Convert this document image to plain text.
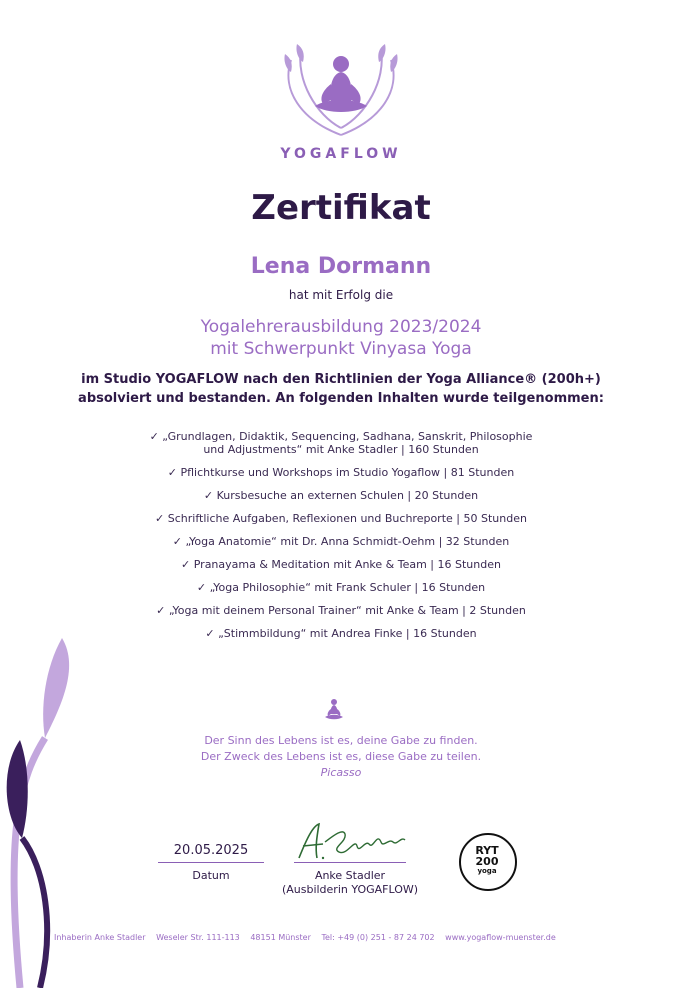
YOGAFLOW
Zertifikat
Lena Dormann
hat mit Erfolg die
Yogalehrerausbildung 2023/2024
mit Schwerpunkt Vinyasa Yoga
im Studio YOGAFLOW nach den Richtlinien der Yoga Alliance® (200h+)
absolviert und bestanden. An folgenden Inhalten wurde teilgenommen:
✓ „Grundlagen, Didaktik, Sequencing, Sadhana, Sanskrit, Philosophie
und Adjustments“ mit Anke Stadler | 160 Stunden
✓ Pflichtkurse und Workshops im Studio Yogaflow | 81 Stunden
✓ Kursbesuche an externen Schulen | 20 Stunden
✓ Schriftliche Aufgaben, Reflexionen und Buchreporte | 50 Stunden
✓ „Yoga Anatomie“ mit Dr. Anna Schmidt-Oehm | 32 Stunden
✓ Pranayama & Meditation mit Anke & Team | 16 Stunden
✓ „Yoga Philosophie“ mit Frank Schuler | 16 Stunden
✓ „Yoga mit deinem Personal Trainer“ mit Anke & Team | 2 Stunden
✓ „Stimmbildung“ mit Andrea Finke | 16 Stunden
Der Sinn des Lebens ist es, deine Gabe zu finden.
Der Zweck des Lebens ist es, diese Gabe zu teilen.
Picasso
20.05.2025
Datum	Anke Stadler
(Ausbilderin YOGAFLOW)
RYT
200
yoga
Inhaberin Anke Stadler Weseler Str. 111-113 48151 Münster Tel: +49 (0) 251 - 87 24 702 www.yogaflow-muenster.de
